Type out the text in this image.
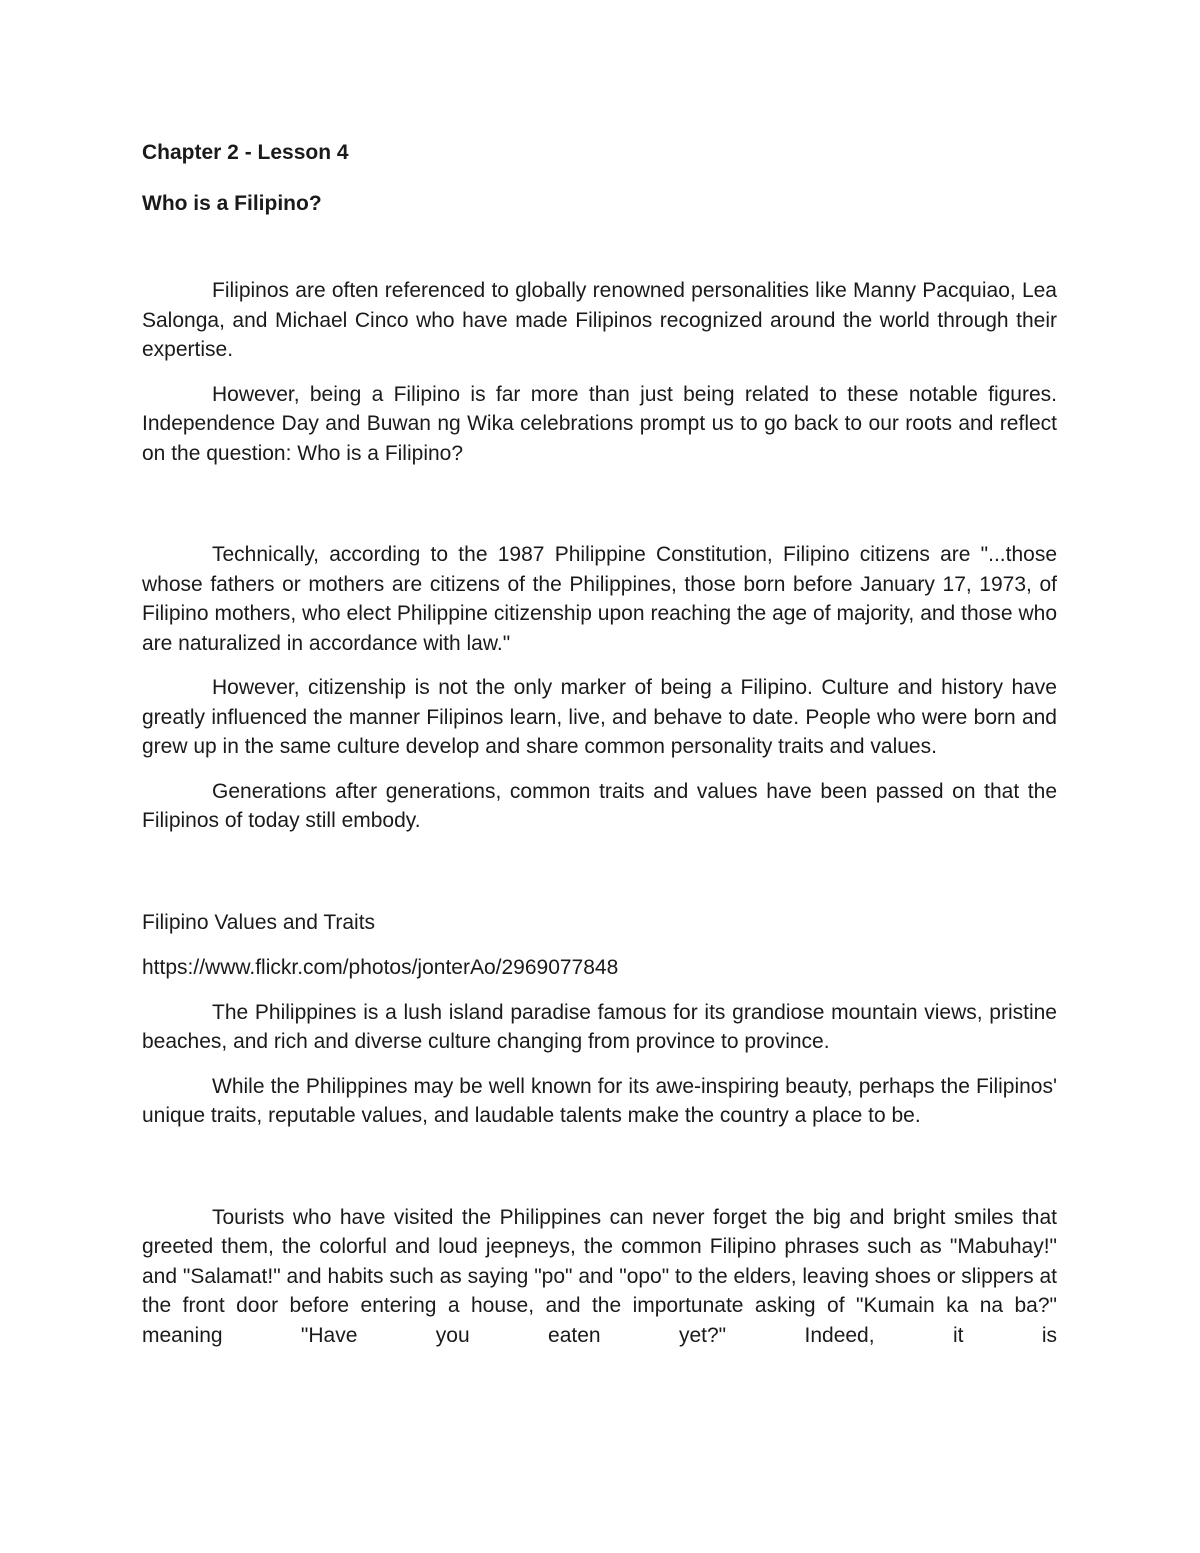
Chapter 2 - Lesson 4

Who is a Filipino?

Filipinos are often referenced to globally renowned personalities like Manny Pacquiao, Lea Salonga, and Michael Cinco who have made Filipinos recognized around the world through their expertise.

However, being a Filipino is far more than just being related to these notable figures. Independence Day and Buwan ng Wika celebrations prompt us to go back to our roots and reflect on the question: Who is a Filipino?

Technically, according to the 1987 Philippine Constitution, Filipino citizens are "...those whose fathers or mothers are citizens of the Philippines, those born before January 17, 1973, of Filipino mothers, who elect Philippine citizenship upon reaching the age of majority, and those who are naturalized in accordance with law."

However, citizenship is not the only marker of being a Filipino. Culture and history have greatly influenced the manner Filipinos learn, live, and behave to date. People who were born and grew up in the same culture develop and share common personality traits and values.

Generations after generations, common traits and values have been passed on that the Filipinos of today still embody.

Filipino Values and Traits

https://www.flickr.com/photos/jonterAo/2969077848

The Philippines is a lush island paradise famous for its grandiose mountain views, pristine beaches, and rich and diverse culture changing from province to province.

While the Philippines may be well known for its awe-inspiring beauty, perhaps the Filipinos' unique traits, reputable values, and laudable talents make the country a place to be.

Tourists who have visited the Philippines can never forget the big and bright smiles that greeted them, the colorful and loud jeepneys, the common Filipino phrases such as "Mabuhay!" and "Salamat!" and habits such as saying "po" and "opo" to the elders, leaving shoes or slippers at the front door before entering a house, and the importunate asking of "Kumain ka na ba?" meaning "Have you eaten yet?" Indeed, it is
